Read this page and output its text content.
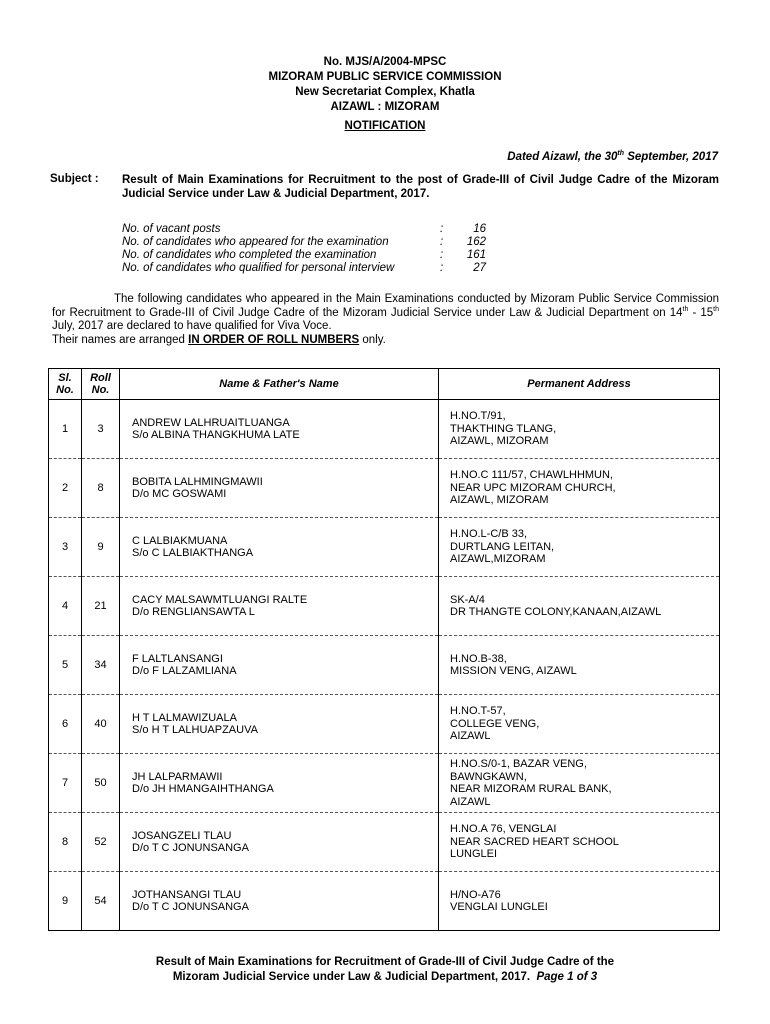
No. MJS/A/2004-MPSC
MIZORAM PUBLIC SERVICE COMMISSION
New Secretariat Complex, Khatla
AIZAWL : MIZORAM
NOTIFICATION
Dated Aizawl, the 30th September, 2017
Subject : Result of Main Examinations for Recruitment to the post of Grade-III of Civil Judge Cadre of the Mizoram Judicial Service under Law & Judicial Department, 2017.
No. of vacant posts	:	16
No. of candidates who appeared for the examination	:	162
No. of candidates who completed the examination	:	161
No. of candidates who qualified for personal interview	:	27

The following candidates who appeared in the Main Examinations conducted by Mizoram Public Service Commission for Recruitment to Grade-III of Civil Judge Cadre of the Mizoram Judicial Service under Law & Judicial Department on 14th - 15th July, 2017 are declared to have qualified for Viva Voce.

Their names are arranged IN ORDER OF ROLL NUMBERS only.
Sl. No.	Roll No.	Name & Father's Name	Permanent Address
1	3	ANDREW LALHRUAITLUANGA
S/o ALBINA THANGKHUMA LATE	H.NO.T/91,
THAKTHING TLANG,
AIZAWL, MIZORAM

2	8	BOBITA LALHMINGMAWII
D/o MC GOSWAMI	H.NO.C 111/57, CHAWLHHMUN,
NEAR UPC MIZORAM CHURCH,
AIZAWL, MIZORAM

3	9	C LALBIAKMUANA
S/o C LALBIAKTHANGA	H.NO.L-C/B 33,
DURTLANG LEITAN,
AIZAWL,MIZORAM

4	21	CACY MALSAWMTLUANGI RALTE
D/o RENGLIANSAWTA L	SK-A/4
DR THANGTE COLONY,KANAAN,AIZAWL

5	34	F LALTLANSANGI
D/o F LALZAMLIANA	H.NO.B-38,
MISSION VENG, AIZAWL

6	40	H T LALMAWIZUALA
S/o H T LALHUAPZAUVA	H.NO.T-57,
COLLEGE VENG,
AIZAWL

7	50	JH LALPARMAWII
D/o JH HMANGAIHTHANGA	H.NO.S/0-1, BAZAR VENG,
BAWNGKAWN,
NEAR MIZORAM RURAL BANK,
AIZAWL

8	52	JOSANGZELI TLAU
D/o T C JONUNSANGA	H.NO.A 76, VENGLAI
NEAR SACRED HEART SCHOOL
LUNGLEI

9	54	JOTHANSANGI TLAU
D/o T C JONUNSANGA	H/NO-A76
VENGLAI LUNGLEI
Result of Main Examinations for Recruitment of Grade-III of Civil Judge Cadre of the
Mizoram Judicial Service under Law & Judicial Department, 2017. Page 1 of 3
